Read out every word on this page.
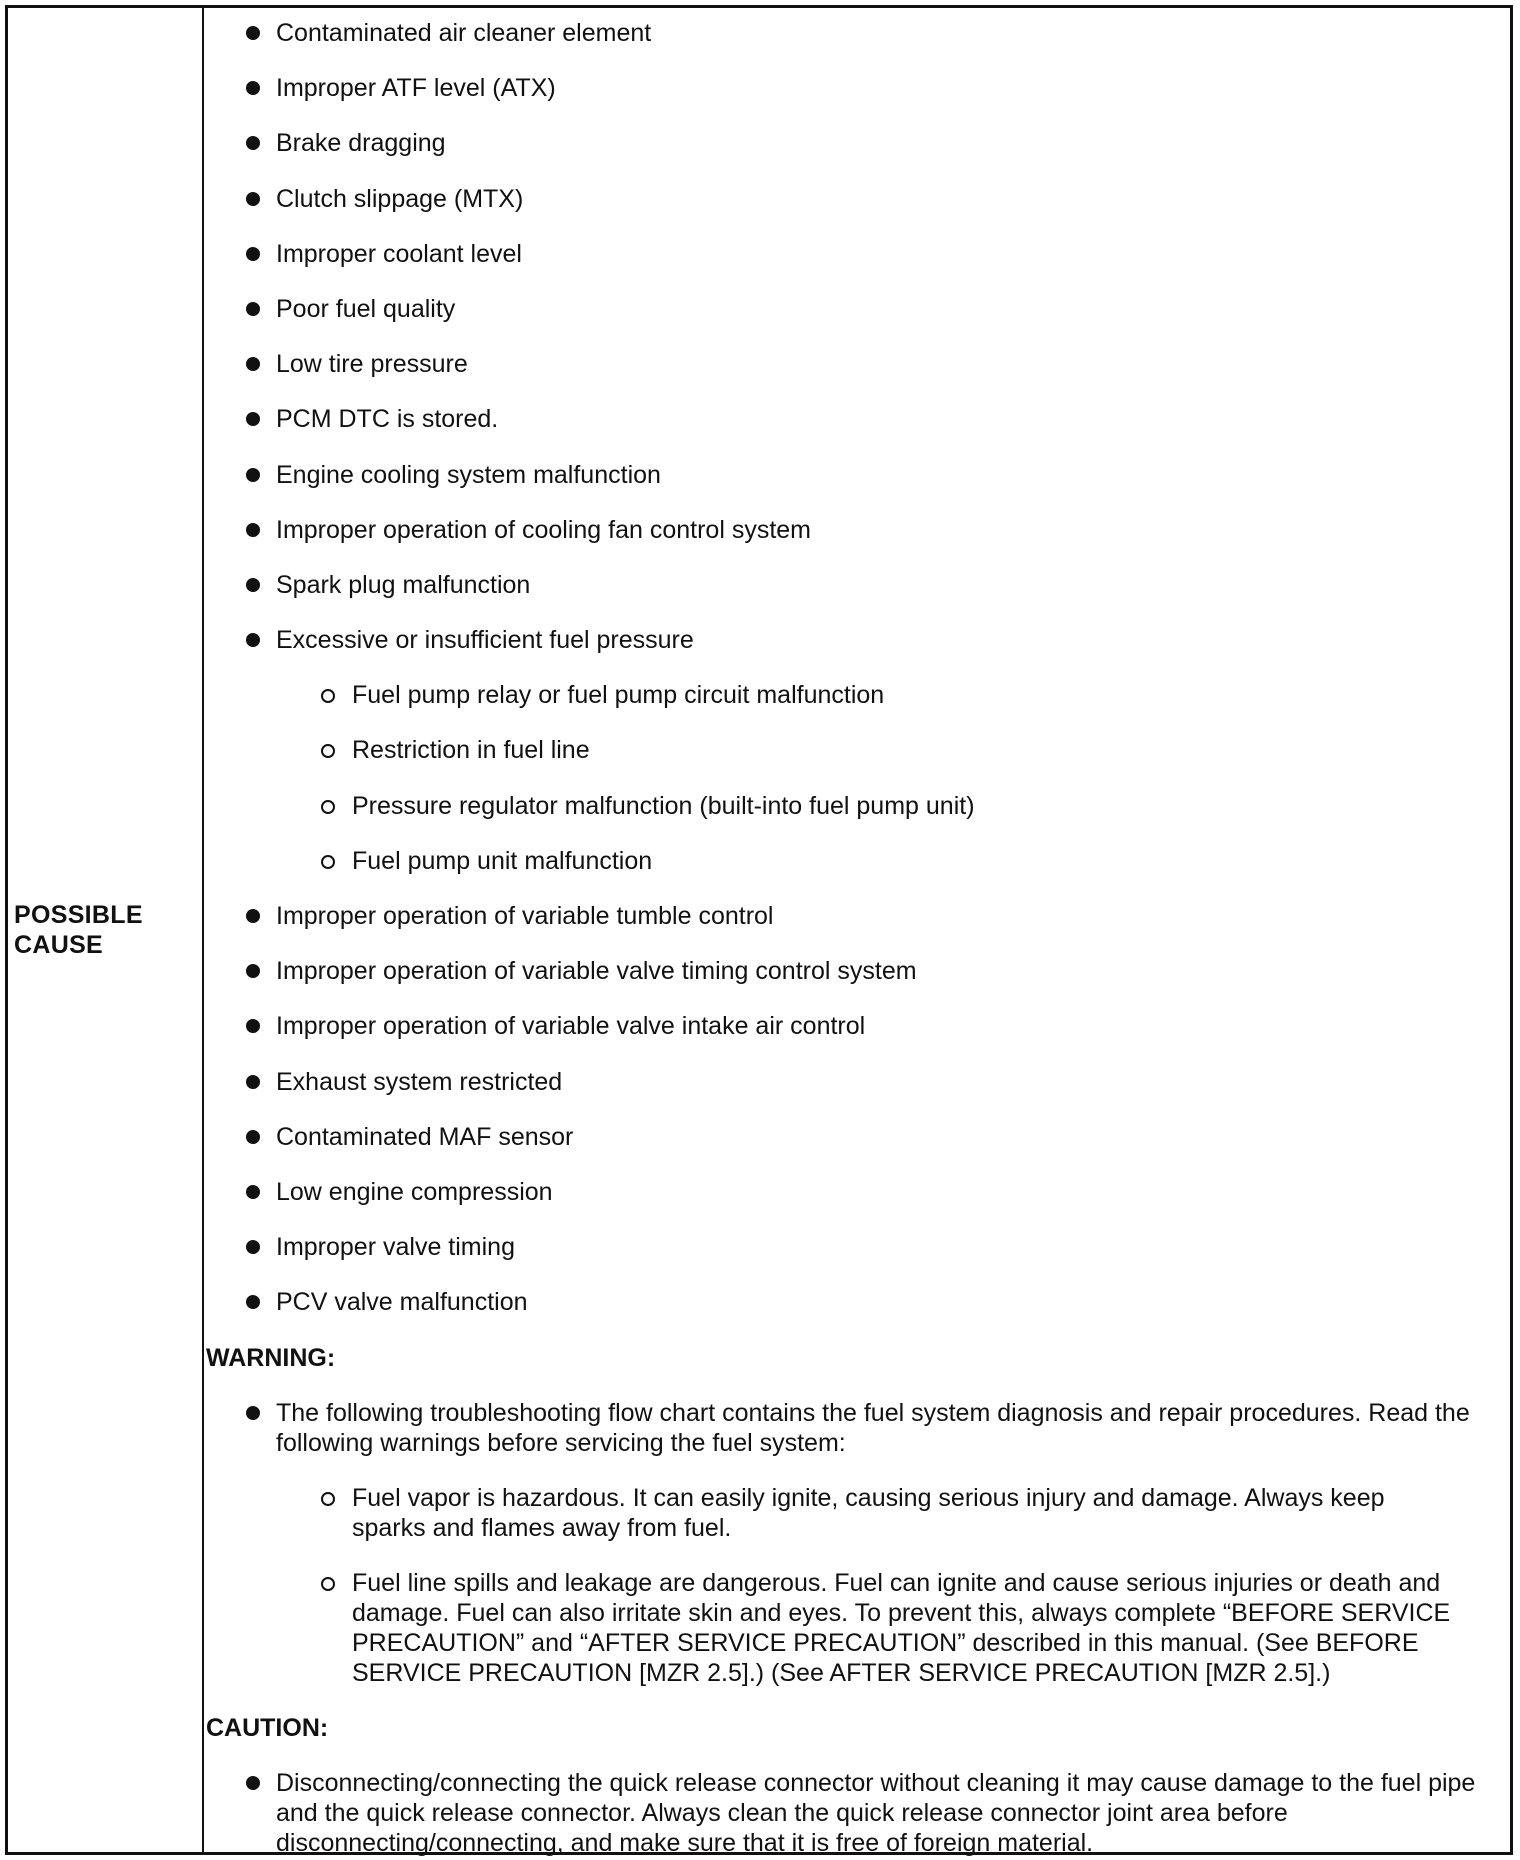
POSSIBLE CAUSE
Contaminated air cleaner element
Improper ATF level (ATX)
Brake dragging
Clutch slippage (MTX)
Improper coolant level
Poor fuel quality
Low tire pressure
PCM DTC is stored.
Engine cooling system malfunction
Improper operation of cooling fan control system
Spark plug malfunction
Excessive or insufficient fuel pressure
Fuel pump relay or fuel pump circuit malfunction
Restriction in fuel line
Pressure regulator malfunction (built-into fuel pump unit)
Fuel pump unit malfunction
Improper operation of variable tumble control
Improper operation of variable valve timing control system
Improper operation of variable valve intake air control
Exhaust system restricted
Contaminated MAF sensor
Low engine compression
Improper valve timing
PCV valve malfunction
WARNING:
The following troubleshooting flow chart contains the fuel system diagnosis and repair procedures. Read the following warnings before servicing the fuel system:
Fuel vapor is hazardous. It can easily ignite, causing serious injury and damage. Always keep sparks and flames away from fuel.
Fuel line spills and leakage are dangerous. Fuel can ignite and cause serious injuries or death and damage. Fuel can also irritate skin and eyes. To prevent this, always complete “BEFORE SERVICE PRECAUTION” and “AFTER SERVICE PRECAUTION” described in this manual. (See BEFORE SERVICE PRECAUTION [MZR 2.5].) (See AFTER SERVICE PRECAUTION [MZR 2.5].)
CAUTION:
Disconnecting/connecting the quick release connector without cleaning it may cause damage to the fuel pipe and the quick release connector. Always clean the quick release connector joint area before disconnecting/connecting, and make sure that it is free of foreign material.
